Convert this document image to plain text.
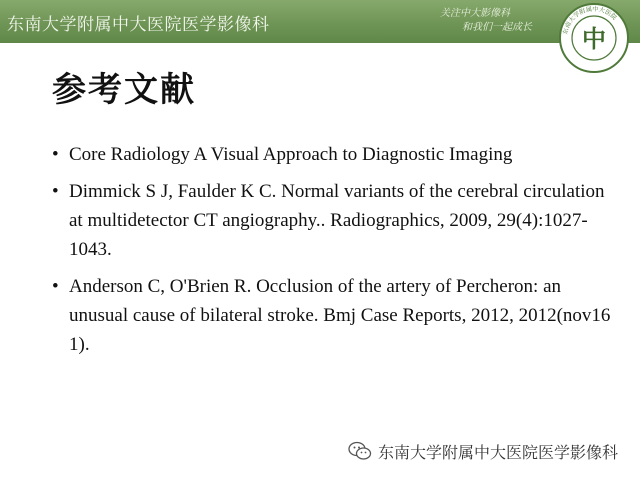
东南大学附属中大医院医学影像科
关注中大影像科
和我们一起成长	东南大学附属中大医院
中
参考文献
• Core Radiology A Visual Approach to Diagnostic Imaging
• Dimmick S J, Faulder K C. Normal variants of the cerebral circulation at multidetector CT angiography.. Radiographics, 2009, 29(4):1027-1043.
• Anderson C, O'Brien R. Occlusion of the artery of Percheron: an unusual cause of bilateral stroke. Bmj Case Reports, 2012, 2012(nov16 1).
东南大学附属中大医院医学影像科
